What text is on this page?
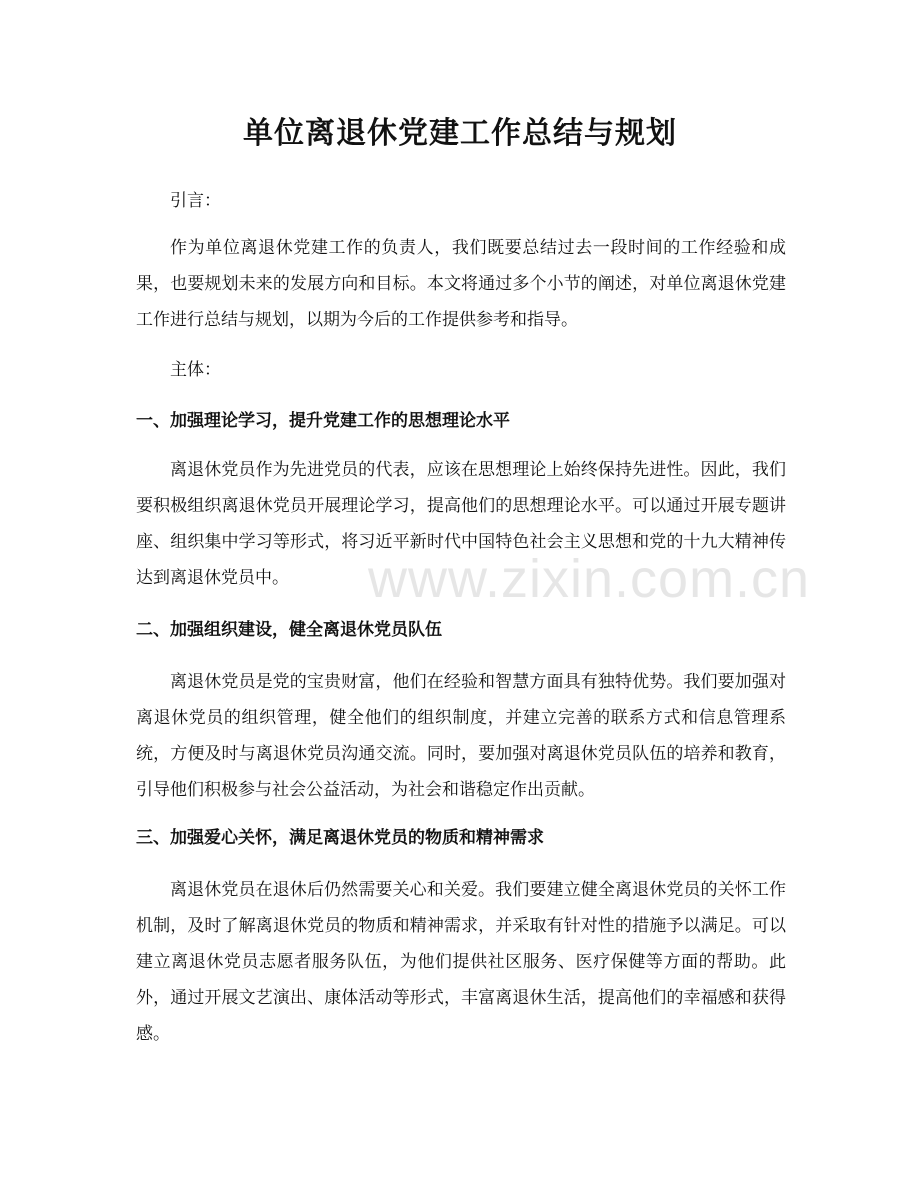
单位离退休党建工作总结与规划

引言：

作为单位离退休党建工作的负责人，我们既要总结过去一段时间的工作经验和成果，也要规划未来的发展方向和目标。本文将通过多个小节的阐述，对单位离退休党建工作进行总结与规划，以期为今后的工作提供参考和指导。

主体：

一、加强理论学习，提升党建工作的思想理论水平

离退休党员作为先进党员的代表，应该在思想理论上始终保持先进性。因此，我们要积极组织离退休党员开展理论学习，提高他们的思想理论水平。可以通过开展专题讲座、组织集中学习等形式，将习近平新时代中国特色社会主义思想和党的十九大精神传达到离退休党员中。

二、加强组织建设，健全离退休党员队伍

离退休党员是党的宝贵财富，他们在经验和智慧方面具有独特优势。我们要加强对离退休党员的组织管理，健全他们的组织制度，并建立完善的联系方式和信息管理系统，方便及时与离退休党员沟通交流。同时，要加强对离退休党员队伍的培养和教育，引导他们积极参与社会公益活动，为社会和谐稳定作出贡献。

三、加强爱心关怀，满足离退休党员的物质和精神需求

离退休党员在退休后仍然需要关心和关爱。我们要建立健全离退休党员的关怀工作机制，及时了解离退休党员的物质和精神需求，并采取有针对性的措施予以满足。可以建立离退休党员志愿者服务队伍，为他们提供社区服务、医疗保健等方面的帮助。此外，通过开展文艺演出、康体活动等形式，丰富离退休生活，提高他们的幸福感和获得感。

www.zixin.com.cn
